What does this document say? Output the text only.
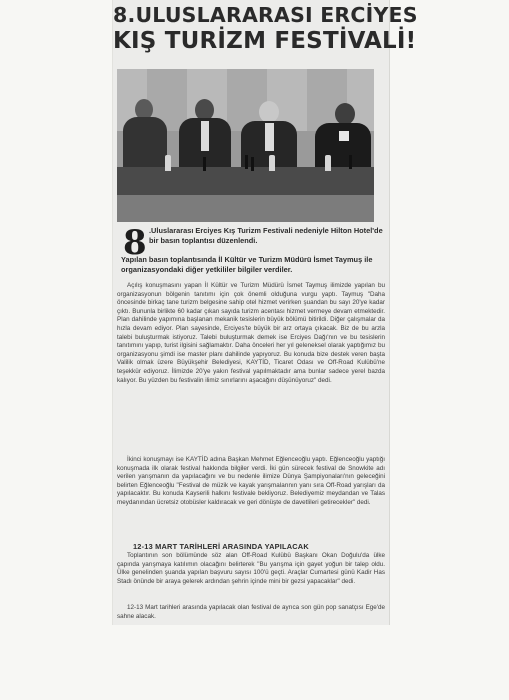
8.ULUSLARARASI ERCİYES
KIŞ TURİZM FESTİVALİ!
8 .Uluslararası Erciyes Kış Turizm Festivali nedeniyle Hilton Hotel'de bir basın toplantısı düzenlendi.
Yapılan basın toplantısında İl Kültür ve Turizm Müdürü İsmet Taymuş ile organizasyondaki diğer yetkililer bilgiler verdiler.

Açılış konuşmasını yapan İl Kültür ve Turizm Müdürü İsmet Taymuş ilimizde yapılan bu organizasyonun bölgenin tanıtımı için çok önemli olduğuna vurgu yaptı. Taymuş "Daha öncesinde birkaç tane turizm belgesine sahip otel hizmet verirken şuandan bu sayı 20'ye kadar çıktı. Bununla birlikte 60 kadar çıkan sayıda turizm acentası hizmet vermeye devam etmektedir. Plan dahilinde yapımına başlanan mekanik tesislerin büyük bölümü bitirildi. Diğer çalışmalar da hızla devam ediyor. Plan sayesinde, Erciyes'te büyük bir arz ortaya çıkacak. Biz de bu arzla talebi buluşturmak istiyoruz. Talebi buluşturmak demek ise Erciyes Dağı'nın ve bu tesislerin tanıtımını yapıp, turist ilgisini sağlamaktır. Daha önceleri her yıl geleneksel olarak yaptığımız bu organizasyonu şimdi ise master planı dahilinde yapıyoruz. Bu konuda bize destek veren başta Valilik olmak üzere Büyükşehir Belediyesi, KAYTİD, Ticaret Odası ve Off-Road Kulübü'ne teşekkür ediyoruz. İlimizde 20'ye yakın festival yapılmaktadır ama bunlar sadece yerel bazda kalıyor. Bu yüzden bu festivalin ilimiz sınırlarını aşacağını düşünüyoruz" dedi.

İkinci konuşmayı ise KAYTİD adına Başkan Mehmet Eğlenceoğlu yaptı. Eğlenceoğlu yaptığı konuşmada ilk olarak festival hakkında bilgiler verdi. İki gün sürecek festival de Snowkite adı verilen yarışmanın da yapılacağını ve bu nedenle ilimize Dünya Şampiyonaları'nın geleceğini belirten Eğlenceoğlu "Festival de müzik ve kayak yarışmalarının yanı sıra Off-Road yarışları da yapılacaktır. Bu konuda Kayserili halkını festivale bekliyoruz. Belediyemiz meydandan ve Talas meydanından ücretsiz otobüsler kaldıracak ve geri dönüşte de davetlileri getirecekler" dedi.

12-13 MART TARİHLERİ ARASINDA YAPILACAK

Toplantının son bölümünde söz alan Off-Road Kulübü Başkanı Okan Doğulu'da ülke çapında yarışmaya katılımın olacağını belirterek "Bu yarışma için gayet yoğun bir talep oldu. Ülke genelinden şuanda yapılan başvuru sayısı 100'ü geçti. Araçlar Cumartesi günü Kadir Has Stadı önünde bir araya gelerek ardından şehrin içinde mini bir gezsi yapacaklar" dedi.

12-13 Mart tarihleri arasında yapılacak olan festival de ayrıca son gün pop sanatçısı Ege'de sahne alacak.
